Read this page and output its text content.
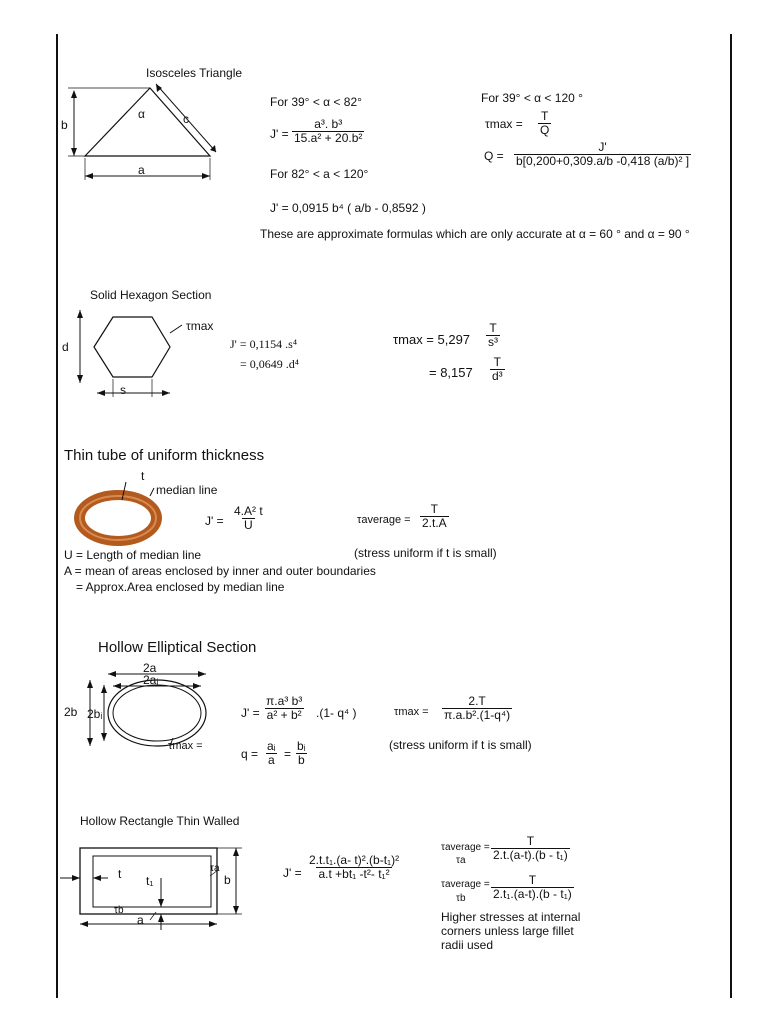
Isosceles Triangle
b
α	c
a
For 39° < α < 82°
$J' = \frac{\text{a³. b³}}{\text{15.a² + 20.b²}}$
For 82° < a < 120°
J' = 0,0915 b⁴ ( a/b - 0,8592 )
For 39° < α < 120 °
$\tau\max = \frac{T}{Q}$
$Q = \frac{J'}{\text{b[0,200+0,309.a/b -0,418 (a/b)² ]}}$
These are approximate formulas which are only accurate at α = 60 ° and α = 90 °
Solid Hexagon Section
τmax
d
s
J' = 0,1154 .s⁴
= 0,0649 .d⁴
$\tau\max = 5,297 \frac{T}{\text{s³}}$
= $8,157 \frac{T}{\text{d³}}$
Thin tube of uniform thickness
t
median line
$J' = \frac{\text{4.A² t}}{U}$	τaverage = $\frac{T}{2.t.A}$
(stress uniform if t is small)
U = Length of median line
A = mean of areas enclosed by inner and outer boundaries
= Approx.Area enclosed by median line
Hollow Elliptical Section
2a
2aᵢ
2b 2bᵢ
τmax =
$J' = \frac{\text{π.a³ b³}}{\text{a² + b²}} .(1-$ q⁴ )	$\tau\max = \frac{2.T}{\text{π.a.b².(1-q⁴)}}$
$q = \frac{\text{aᵢ}}{a} = \frac{\text{bᵢ}}{b}$	(stress uniform if t is small)
Hollow Rectangle Thin Walled
t t₁
τa
b
τb
a
$J' = \frac{\text{2.t.t₁.(a- t)².(b-t₁)²}}{\text{a.t +bt₁ -t²- t₁²}}$
τaverage =
τa $\frac{T}{\text{2.t.(a-t).(b - t₁)}}$
τaverage =
τb $\frac{T}{\text{2.t₁.(a-t).(b - t₁)}}$
Higher stresses at internal
corners unless large fillet
radii used
